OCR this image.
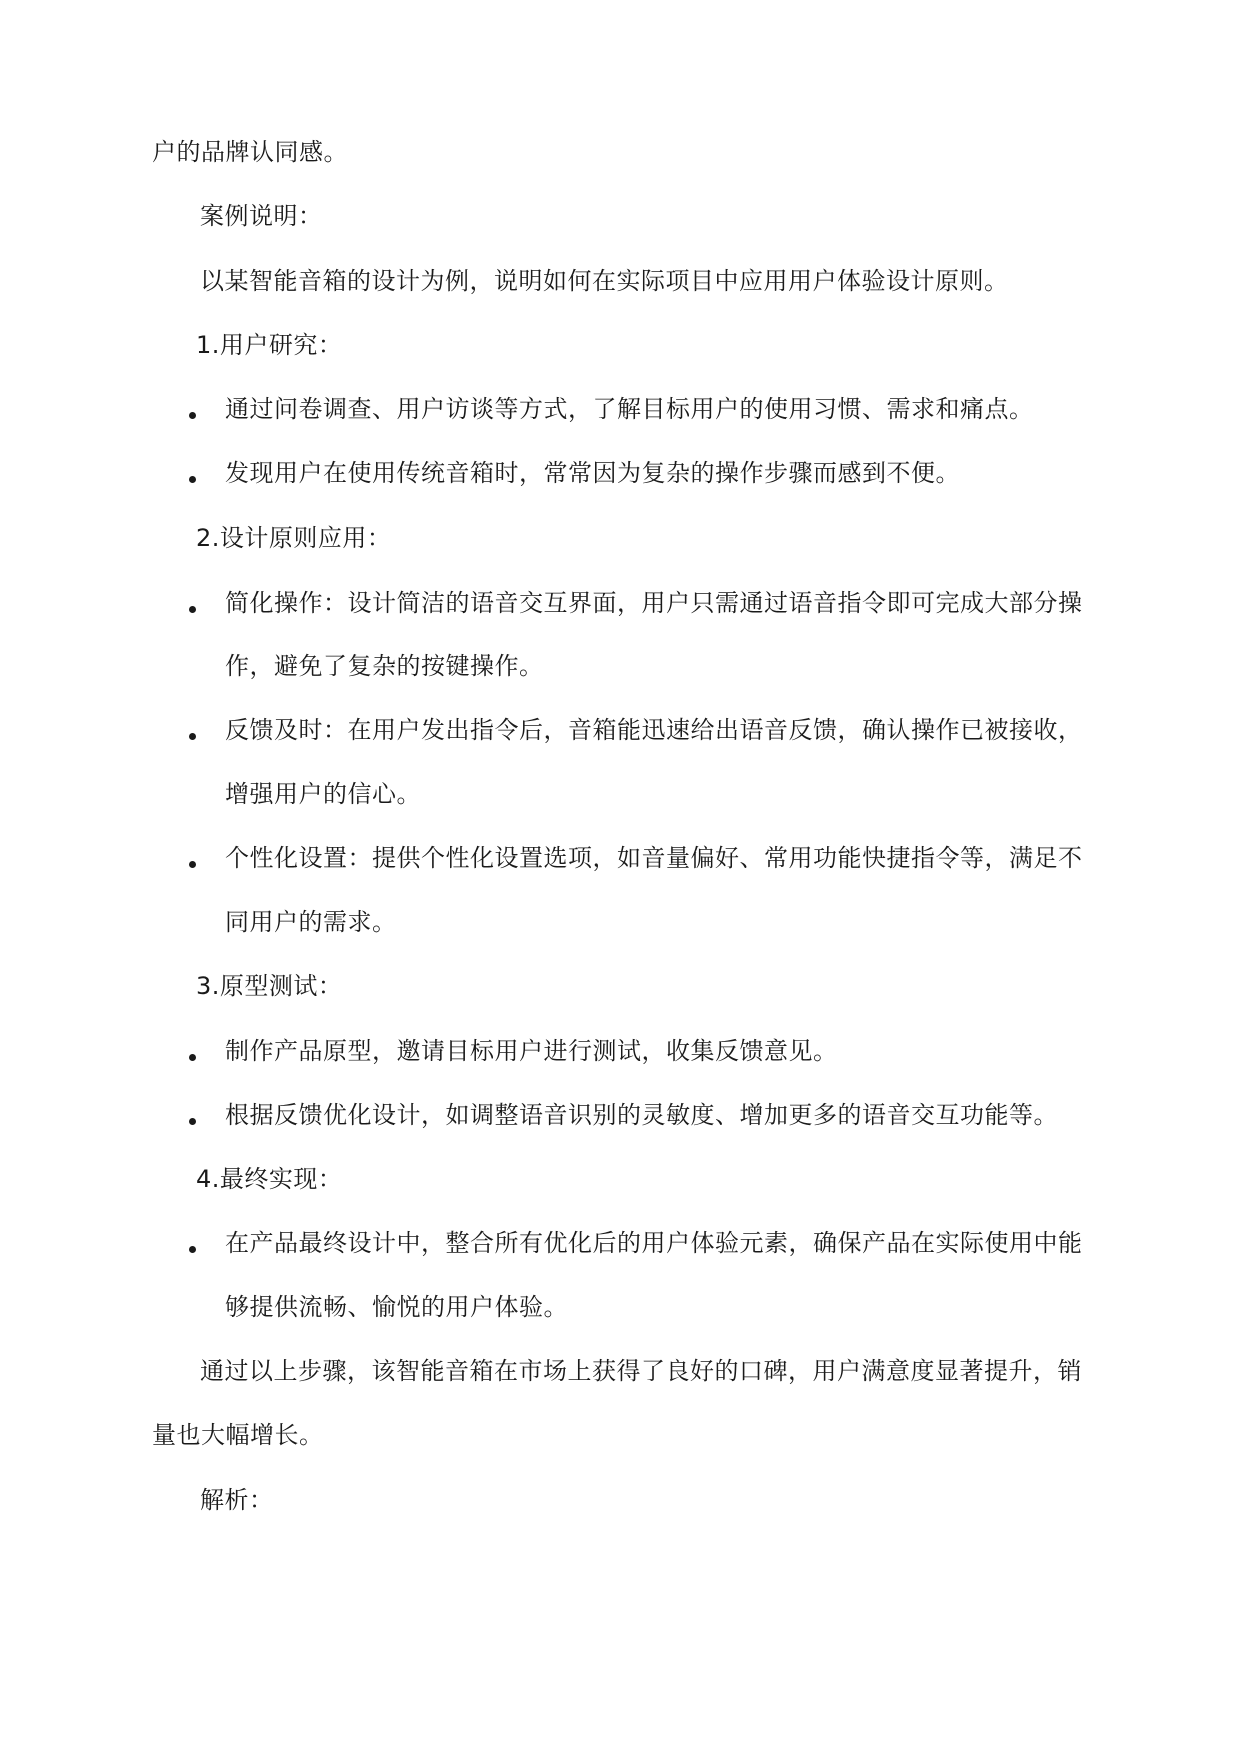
户的品牌认同感。
案例说明：
以某智能音箱的设计为例，说明如何在实际项目中应用用户体验设计原则。
1.用户研究：
通过问卷调查、用户访谈等方式，了解目标用户的使用习惯、需求和痛点。
发现用户在使用传统音箱时，常常因为复杂的操作步骤而感到不便。
2.设计原则应用：
简化操作：设计简洁的语音交互界面，用户只需通过语音指令即可完成大部分操
作，避免了复杂的按键操作。
反馈及时：在用户发出指令后，音箱能迅速给出语音反馈，确认操作已被接收，
增强用户的信心。
个性化设置：提供个性化设置选项，如音量偏好、常用功能快捷指令等，满足不
同用户的需求。
3.原型测试：
制作产品原型，邀请目标用户进行测试，收集反馈意见。
根据反馈优化设计，如调整语音识别的灵敏度、增加更多的语音交互功能等。
4.最终实现：
在产品最终设计中，整合所有优化后的用户体验元素，确保产品在实际使用中能
够提供流畅、愉悦的用户体验。
通过以上步骤，该智能音箱在市场上获得了良好的口碑，用户满意度显著提升，销
量也大幅增长。
解析：
